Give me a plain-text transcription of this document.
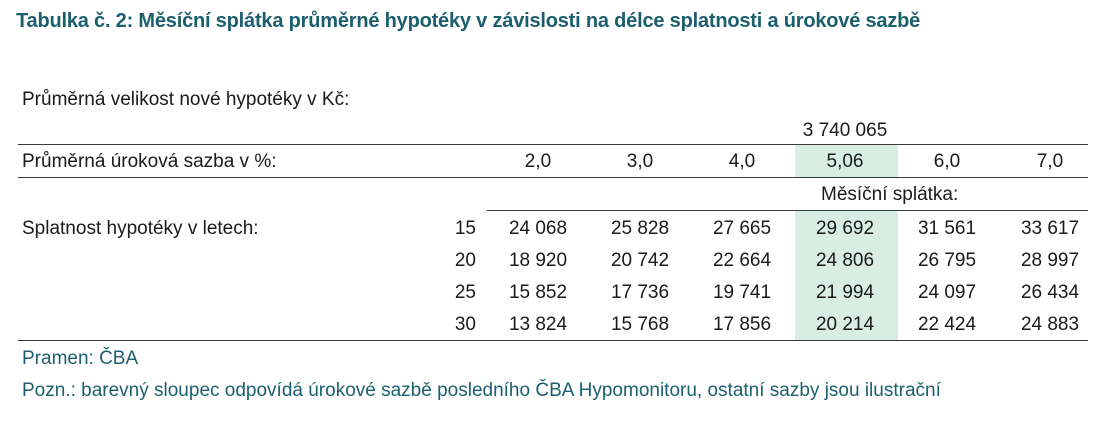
Tabulka č. 2: Měsíční splátka průměrné hypotéky v závislosti na délce splatnosti a úrokové sazbě
Průměrná velikost nové hypotéky v Kč:
3 740 065
Průměrná úroková sazba v %:	2,0	3,0	4,0	5,06	6,0	7,0
Měsíční splátka:
Splatnost hypotéky v letech:	15	24 068	25 828	27 665	29 692	31 561	33 617
20	18 920	20 742	22 664	24 806	26 795	28 997
25	15 852	17 736	19 741	21 994	24 097	26 434
30	13 824	15 768	17 856	20 214	22 424	24 883
Pramen: ČBA
Pozn.: barevný sloupec odpovídá úrokové sazbě posledního ČBA Hypomonitoru, ostatní sazby jsou ilustrační
